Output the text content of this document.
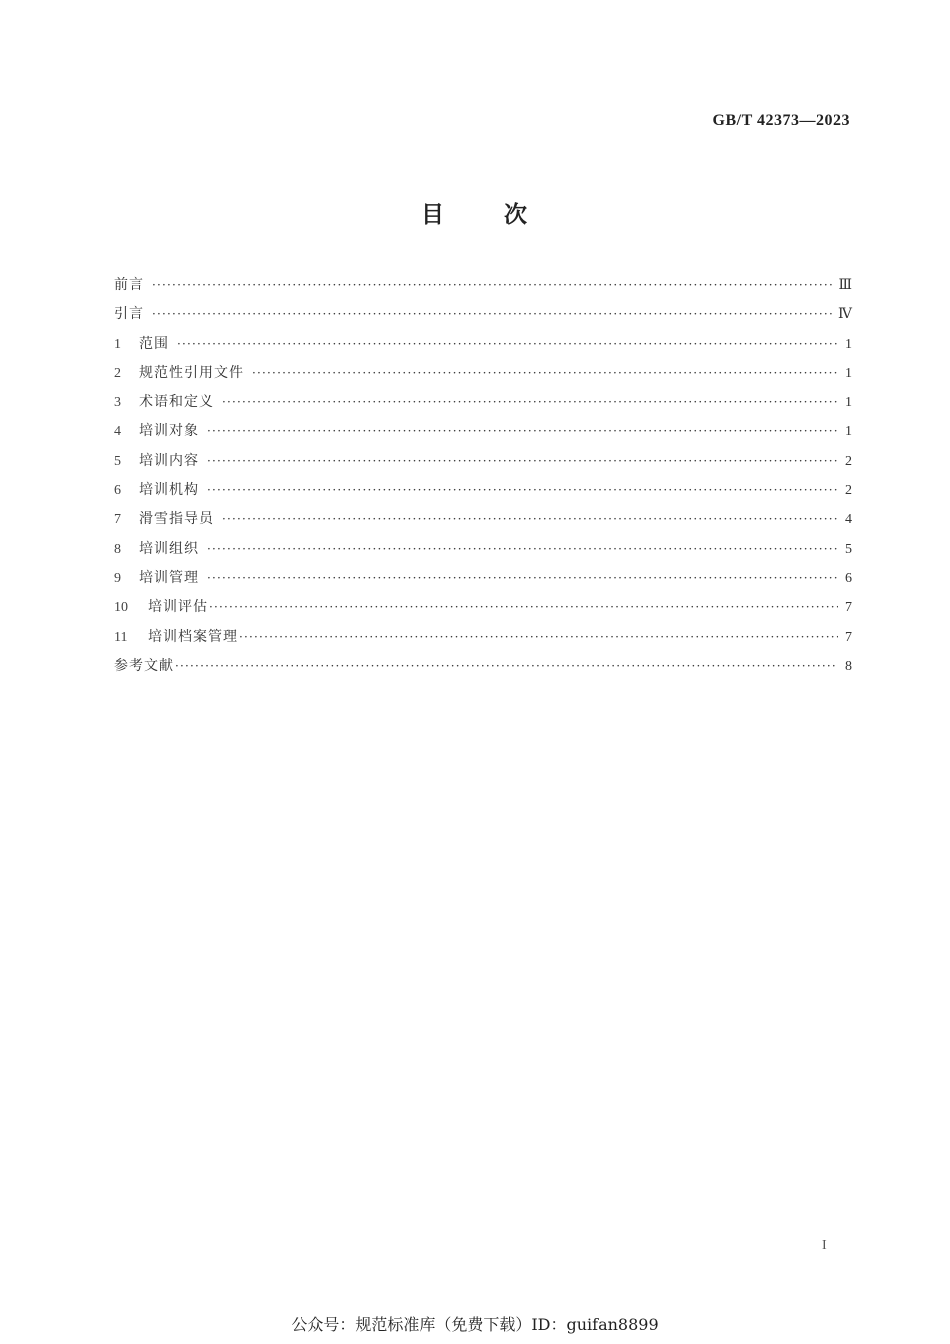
GB/T 42373—2023
目 次
前言 ·····	Ⅲ
引言 ·····	Ⅳ
1	范围 ·····	1
2	规范性引用文件 ·····	1
3	术语和定义 ·····	1
4	培训对象 ·····	1
5	培训内容 ·····	2
6	培训机构 ·····	2
7	滑雪指导员 ·····	4
8	培训组织 ·····	5
9	培训管理 ·····	6
10	培训评估 ·····	7
11	培训档案管理 ·····	7
参考文献 ·····	8
I
公众号：规范标准库（免费下载）ID：guifan8899
